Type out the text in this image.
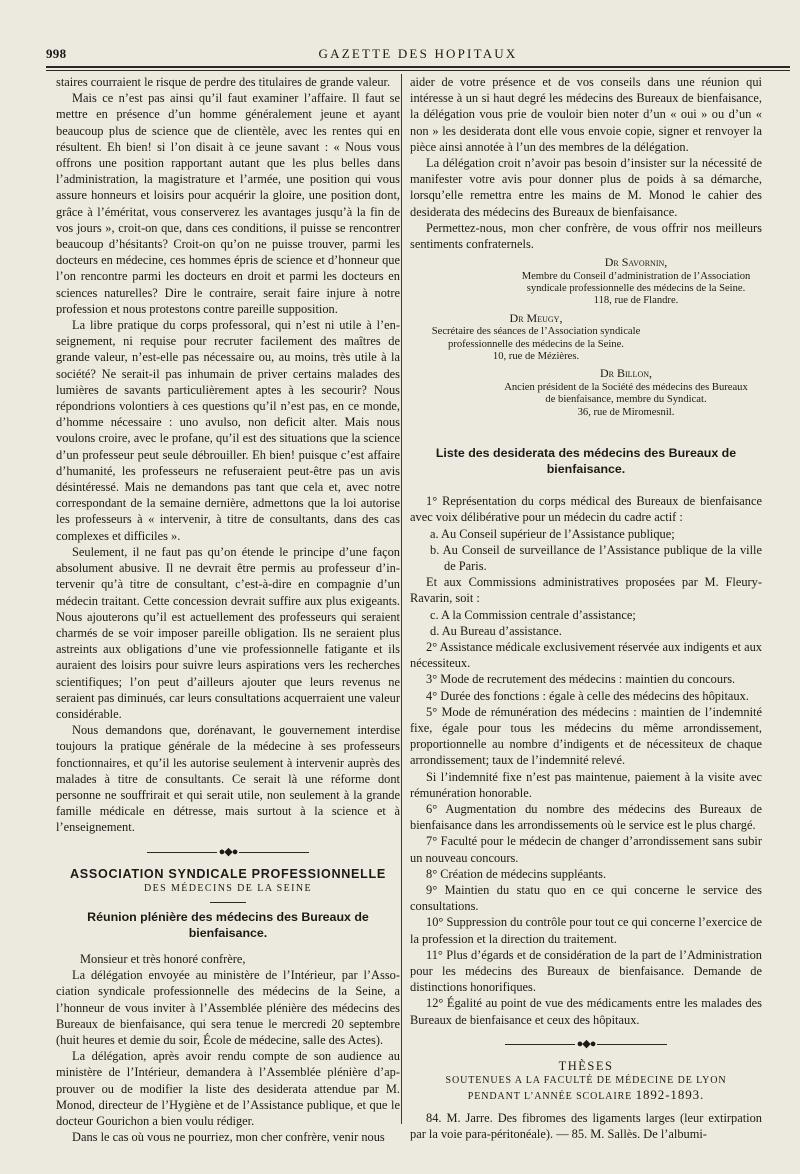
998	GAZETTE DES HOPITAUX

staires courraient le risque de perdre des titulaires de grande valeur.

Mais ce n’est pas ainsi qu’il faut examiner l’affaire. Il faut se mettre en présence d’un homme généralement jeune et ayant beaucoup plus de science que de clientèle, avec les rentes qui en résultent. Eh bien! si l’on disait à ce jeune savant : « Nous vous offrons une position rapportant autant que les plus belles dans l’administration, la magistrature et l’armée, une position qui vous assure honneurs et loisirs pour acquérir la gloire, une position dont, grâce à l’éméritat, vous conserverez les avantages jusqu’à la fin de vos jours », croit-on que, dans ces conditions, il puisse se rencontrer beaucoup d’hésitants? Croit-on qu’on ne puisse trouver, parmi les docteurs en médecine, ces hommes épris de science et d’honneur que l’on rencontre parmi les docteurs en droit et parmi les docteurs en sciences naturelles? Dire le contraire, serait faire injure à notre profession et nous protestons contre pareille supposition.

La libre pratique du corps professoral, qui n’est ni utile à l’enseignement, ni requise pour recruter facilement des maîtres de grande valeur, n’est-elle pas nécessaire ou, au moins, très utile à la société? Ne serait-il pas inhumain de priver certains malades des lumières de savants particulièrement aptes à les secourir? Nous répondrions volontiers à ces questions qu’il n’est pas, en ce monde, d’homme nécessaire : uno avulso, non deficit alter. Mais nous voulons croire, avec le profane, qu’il est des situations que la science d’un professeur peut seule débrouiller. Eh bien! puisque c’est affaire d’humanité, les professeurs ne refuseraient peut-être pas un avis désintéressé. Mais ne demandons pas tant que cela et, avec notre correspondant de la semaine dernière, admettons que la loi autorise les professeurs à « intervenir, à titre de consultants, dans des cas complexes et difficiles ».

Seulement, il ne faut pas qu’on étende le principe d’une façon absolument abusive. Il ne devrait être permis au professeur d’intervenir qu’à titre de consultant, c’est-à-dire en compagnie d’un médecin traitant. Cette concession devrait suffire aux plus exigeants. Nous ajouterons qu’il est actuellement des professeurs qui seraient charmés de se voir imposer pareille obligation. Ils ne seraient plus astreints aux obligations d’une vie professionnelle fatigante et ils auraient des loisirs pour suivre leurs aspirations vers les recherches scientifiques; l’on peut d’ailleurs ajouter que leurs revenus ne seraient pas diminués, car leurs consultations acquerraient une valeur considérable.

Nous demandons que, dorénavant, le gouvernement interdise toujours la pratique générale de la médecine à ses professeurs fonctionnaires, et qu’il les autorise seulement à intervenir auprès des malades à titre de consultants. Ce serait là une réforme dont personne ne souffrirait et qui serait utile, non seulement à la grande famille médicale en détresse, mais surtout à la science et à l’enseignement.

●◆●
ASSOCIATION SYNDICALE PROFESSIONNELLE
DES MÉDECINS DE LA SEINE
Réunion plénière des médecins des Bureaux de bienfaisance.

Monsieur et très honoré confrère,

La délégation envoyée au ministère de l’Intérieur, par l’Association syndicale professionnelle des médecins de la Seine, a l’honneur de vous inviter à l’Assemblée plénière des médecins des Bureaux de bienfaisance, qui sera tenue le mercredi 20 septembre (huit heures et demie du soir, École de médecine, salle des Actes).

La délégation, après avoir rendu compte de son audience au ministère de l’Intérieur, demandera à l’Assemblée plénière d’approuver ou de modifier la liste des desiderata attendue par M. Monod, directeur de l’Hygiène et de l’Assistance publique, et que le docteur Gourichon a bien voulu rédiger.

Dans le cas où vous ne pourriez, mon cher confrère, venir nous

aider de votre présence et de vos conseils dans une réunion qui intéresse à un si haut degré les médecins des Bureaux de bienfaisance, la délégation vous prie de vouloir bien noter d’un « oui » ou d’un « non » les desiderata dont elle vous envoie copie, signer et renvoyer la pièce ainsi annotée à l’un des membres de la délégation.

La délégation croit n’avoir pas besoin d’insister sur la nécessité de manifester votre avis pour donner plus de poids à sa démarche, lorsqu’elle remettra entre les mains de M. Monod le cahier des desiderata des médecins des Bureaux de bienfaisance.

Permettez-nous, mon cher confrère, de vous offrir nos meilleurs sentiments confraternels.

Dr Savornin,
Membre du Conseil d’administration de l’Association
syndicale professionnelle des médecins de la Seine.
118, rue de Flandre.
Dr Meugy,
Secrétaire des séances de l’Association syndicale
professionnelle des médecins de la Seine.
10, rue de Mézières.
Dr Billon,
Ancien président de la Société des médecins des Bureaux
de bienfaisance, membre du Syndicat.
36, rue de Miromesnil.
Liste des desiderata des médecins des Bureaux de bienfaisance.

1° Représentation du corps médical des Bureaux de bienfaisance avec voix délibérative pour un médecin du cadre actif :

a. Au Conseil supérieur de l’Assistance publique;

b. Au Conseil de surveillance de l’Assistance publique de la ville de Paris.

Et aux Commissions administratives proposées par M. Fleury-Ravarin, soit :

c. A la Commission centrale d’assistance;

d. Au Bureau d’assistance.

2° Assistance médicale exclusivement réservée aux indigents et aux nécessiteux.

3° Mode de recrutement des médecins : maintien du concours.

4° Durée des fonctions : égale à celle des médecins des hôpitaux.

5° Mode de rémunération des médecins : maintien de l’indemnité fixe, égale pour tous les médecins du même arrondissement, proportionnelle au nombre d’indigents et de nécessiteux de chaque arrondissement; taux de l’indemnité relevé.

Si l’indemnité fixe n’est pas maintenue, paiement à la visite avec rémunération honorable.

6° Augmentation du nombre des médecins des Bureaux de bienfaisance dans les arrondissements où le service est le plus chargé.

7° Faculté pour le médecin de changer d’arrondissement sans subir un nouveau concours.

8° Création de médecins suppléants.

9° Maintien du statu quo en ce qui concerne le service des consultations.

10° Suppression du contrôle pour tout ce qui concerne l’exercice de la profession et la direction du traitement.

11° Plus d’égards et de considération de la part de l’Administration pour les médecins des Bureaux de bienfaisance. Demande de distinctions honorifiques.

12° Égalité au point de vue des médicaments entre les malades des Bureaux de bienfaisance et ceux des hôpitaux.

●◆●
THÈSES
SOUTENUES A LA FACULTÉ DE MÉDECINE DE LYON
PENDANT L’ANNÉE SCOLAIRE 1892-1893.

84. M. Jarre. Des fibromes des ligaments larges (leur extirpation par la voie para-péritonéale). — 85. M. Sallès. De l’albumi-
